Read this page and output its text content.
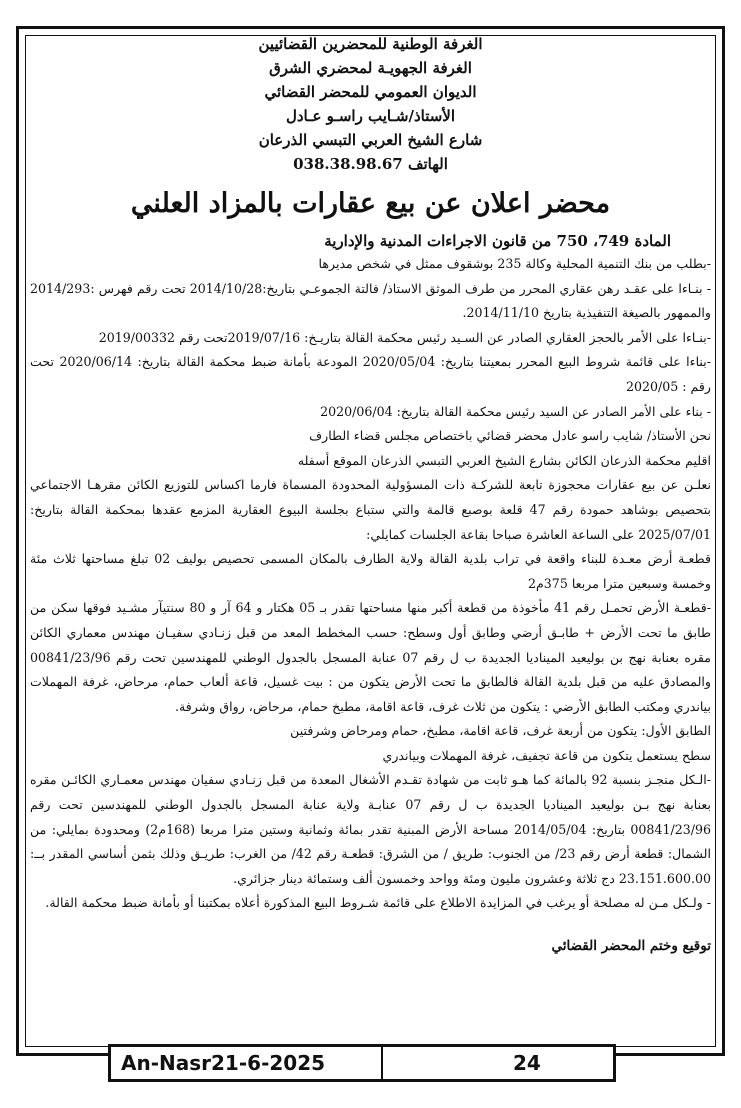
الغرفة الوطنية للمحضرين القضائيين
الغرفة الجهويـة لمحضري الشرق
الديوان العمومي للمحضر القضائي
الأستاذ/شـايب راسـو عـادل
شارع الشيخ العربي التبسي الذرعان
الهاتف 038.38.98.67
محضر اعلان عن بيع عقارات بالمزاد العلني
المادة 749، 750 من قانون الاجراءات المدنية والإدارية

-بطلب من بنك التنمية المحلية وكالة 235 بوشقوف ممثل في شخص مديرها

- بنـاءا على عقـد رهن عقاري المحرر من طرف الموثق الاستاذ/ فالتة الجموعـي بتاريخ:2014/10/28 تحت رقم فهرس :2014/293 والممهور بالصيغة التنفيذية بتاريخ 2014/11/10.

-بنـاءا على الأمر بالحجز العقاري الصادر عن السـيد رئيس محكمة القالة بتاريـخ: 2019/07/16تحت رقم 2019/00332

-بناءا على قائمة شروط البيع المحرر بمعيتنا بتاريخ: 2020/05/04 المودعة بأمانة ضبط محكمة القالة بتاريخ: 2020/06/14 تحت رقم : 2020/05

- بناء على الأمر الصادر عن السيد رئيس محكمة القالة بتاريخ: 2020/06/04

نحن الأستاذ/ شايب راسو عادل محضر قضائي باختصاص مجلس قضاء الطارف

اقليم محكمة الذرعان الكائن بشارع الشيخ العربي التبسي الذرعان الموقع أسفله

نعلـن عن بيع عقارات محجوزة تابعة للشركـة ذات المسؤولية المحدودة المسماة فارما اكساس للتوزيع الكائن مقرهـا الاجتماعي بتحصيص بوشاهد حمودة رقم 47 قلعة بوصبع قالمة والتي ستباع بجلسة البيوع العقارية المزمع عقدها بمحكمة القالة بتاريخ: 2025/07/01 على الساعة العاشرة صباحا بقاعة الجلسات كمايلي:

قطعـة أرض معـدة للبناء واقعة في تراب بلدية القالة ولاية الطارف بالمكان المسمى تحصيص بوليف 02 تبلغ مساحتها ثلاث مئة وخمسة وسبعين مترا مربعا 375م2

-قطعـة الأرض تحمـل رقم 41 مأخوذة من قطعة أكبر منها مساحتها تقدر بـ 05 هكتار و 64 آر و 80 سنتيآر مشـيد فوقها سكن من طابق ما تحت الأرض + طابـق أرضي وطابق أول وسطح: حسب المخطط المعد من قبل زنـادي سفيـان مهندس معماري الكائن مقره بعنابة نهج بن بوليعيد الميناديا الجديدة ب ل رقم 07 عنابة المسجل بالجدول الوطني للمهندسين تحت رقم 00841/23/96 والمصادق عليه من قبل بلدية القالة فالطابق ما تحت الأرض يتكون من : بيت غسيل، قاعة ألعاب حمام، مرحاض، غرفة المهملات بياندري ومكتب الطابق الأرضي : يتكون من ثلاث غرف، قاعة اقامة، مطبخ حمام، مرحاض، رواق وشرفة.

الطابق الأول: يتكون من أربعة غرف، قاعة اقامة، مطبخ، حمام ومرحاض وشرفتين

سطح يستعمل يتكون من قاعة تجفيف، غرفة المهملات وبياندري

-الـكل منجـز بنسبة 92 بالمائة كما هـو ثابت من شهادة تقـدم الأشغال المعدة من قبل زنـادي سفيان مهندس معمـاري الكائـن مقره بعنابة نهج بـن بوليعيد الميناديا الجديدة ب ل رقم 07 عنابـة ولاية عنابة المسجل بالجدول الوطني للمهندسين تحت رقم 00841/23/96 بتاريخ: 2014/05/04 مساحة الأرض المبنية تقدر بمائة وثمانية وستين مترا مربعا (168م2) ومحدودة بمايلي: من الشمال: قطعة أرض رقم 23/ من الجنوب: طريق / من الشرق: قطعـة رقم 42/ من الغرب: طريـق وذلك بثمن أساسي المقدر بــ: 23.151.600.00 دج ثلاثة وعشرون مليون ومئة وواحد وخمسون ألف وستمائة دينار جزائري.

- ولـكل مـن له مصلحة أو يرغب في المزايدة الاطلاع على قائمة شـروط البيع المذكورة أعلاه بمكتبنا أو بأمانة ضبط محكمة القالة.

توقيع وختم المحضر القضائي
An-Nasr21-6-2025	24
